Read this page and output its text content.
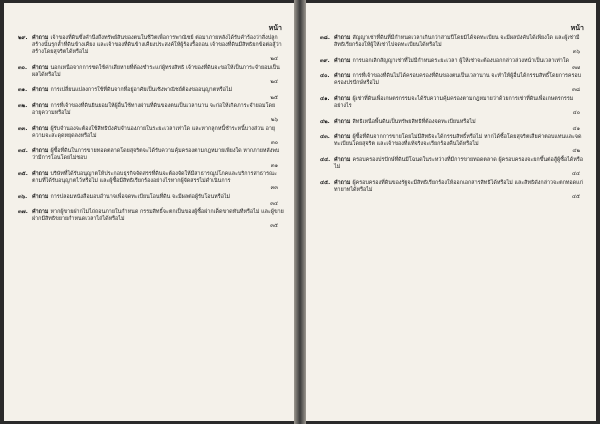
หน้า
๒๙. คำถาม เจ้าของที่ดินซึ่งคำนึงถึงทรัพย์สินของตนในชีวิตเพื่อการพาณิชย์ ต่อมาภายหลังได้รับคำร้องว่าสิ่งปลูกสร้างนั้นรุกล้ำที่ดินข้างเคียง และเจ้าของที่ดินข้างเคียงประสงค์ให้ผู้ร้องรื้อถอน เจ้าของที่ดินมีสิทธิยกข้อต่อสู้ว่าสร้างโดยสุจริตได้หรือไม่
๒๔
๓๐. คำถาม นอกเหนือจากการชดใช้ค่าเสียหายที่ต้องชำระแก่ผู้ทรงสิทธิ เจ้าของที่ดินจะขอให้เป็นภาระจำยอมเป็นผลได้หรือไม่
๒๔
๓๑. คำถาม การเปลี่ยนแปลงการใช้ที่ดินจากที่อยู่อาศัยเป็นเชิงพาณิชย์ต้องขออนุญาตหรือไม่
๒๕
๓๒. คำถาม การที่เจ้าของที่ดินยินยอมให้ผู้อื่นใช้ทางผ่านที่ดินของตนเป็นเวลานาน จะก่อให้เกิดภาระจำยอมโดยอายุความหรือไม่
๒๖
๓๓. คำถาม ผู้รับจำนองจะต้องใช้สิทธิบังคับจำนองภายในระยะเวลาเท่าใด และหากลูกหนี้ชำระหนี้บางส่วน อายุความจะสะดุดหยุดลงหรือไม่
๓๐
๓๔. คำถาม ผู้ซื้อที่ดินในการขายทอดตลาดโดยสุจริตจะได้รับความคุ้มครองตามกฎหมายเพียงใด หากภายหลังพบว่ามีการโอนโดยไม่ชอบ
๓๑
๓๕. คำถาม บริษัทที่ได้รับอนุญาตให้ประกอบธุรกิจจัดสรรที่ดินจะต้องจัดให้มีสาธารณูปโภคและบริการสาธารณะตามที่ได้รับอนุญาตไว้หรือไม่ และผู้ซื้อมีสิทธิเรียกร้องอย่างไรหากผู้จัดสรรไม่ดำเนินการ
๓๓
๓๖. คำถาม การปลอมหนังสือมอบอำนาจเพื่อจดทะเบียนโอนที่ดิน จะมีผลต่อผู้รับโอนหรือไม่
๓๔
๓๗. คำถาม หากผู้ขายฝากไม่ไถ่ถอนภายในกำหนด กรรมสิทธิ์จะตกเป็นของผู้ซื้อฝากเด็ดขาดทันทีหรือไม่ และผู้ขายฝากมีสิทธิขยายกำหนดเวลาไถ่ได้หรือไม่
๓๕
หน้า
๓๘. คำถาม สัญญาเช่าที่ดินที่มีกำหนดเวลาเกินกว่าสามปีโดยมิได้จดทะเบียน จะมีผลบังคับได้เพียงใด และผู้เช่ามีสิทธิเรียกร้องให้ผู้ให้เช่าไปจดทะเบียนได้หรือไม่
๓๖
๓๙. คำถาม การบอกเลิกสัญญาเช่าที่ไม่มีกำหนดระยะเวลา ผู้ให้เช่าจะต้องบอกกล่าวล่วงหน้าเป็นเวลาเท่าใด
๓๗
๔๐. คำถาม การที่เจ้าของที่ดินไม่ได้ครอบครองที่ดินของตนเป็นเวลานาน จะทำให้ผู้อื่นได้กรรมสิทธิ์โดยการครอบครองปรปักษ์หรือไม่
๓๘
๔๑. คำถาม ผู้เช่าที่ดินเพื่อเกษตรกรรมจะได้รับความคุ้มครองตามกฎหมายว่าด้วยการเช่าที่ดินเพื่อเกษตรกรรมอย่างไร
๔๐
๔๒. คำถาม สิทธิเหนือพื้นดินเป็นทรัพยสิทธิที่ต้องจดทะเบียนหรือไม่
๔๑
๔๓. คำถาม ผู้ซื้อที่ดินจากการขายโดยไม่มีสิทธิจะได้กรรมสิทธิ์หรือไม่ หากได้ซื้อโดยสุจริตเสียค่าตอบแทนและจดทะเบียนโดยสุจริต และเจ้าของที่แท้จริงจะเรียกร้องคืนได้หรือไม่
๔๒
๔๔. คำถาม ครอบครองปรปักษ์ที่ดินมีโฉนดในระหว่างที่มีการขายทอดตลาด ผู้ครอบครองจะยกขึ้นต่อสู้ผู้ซื้อได้หรือไม่
๔๔
๔๕. คำถาม ผู้ครอบครองที่ดินของรัฐจะมีสิทธิเรียกร้องให้ออกเอกสารสิทธิได้หรือไม่ และสิทธิดังกล่าวจะตกทอดแก่ทายาทได้หรือไม่
๔๕
